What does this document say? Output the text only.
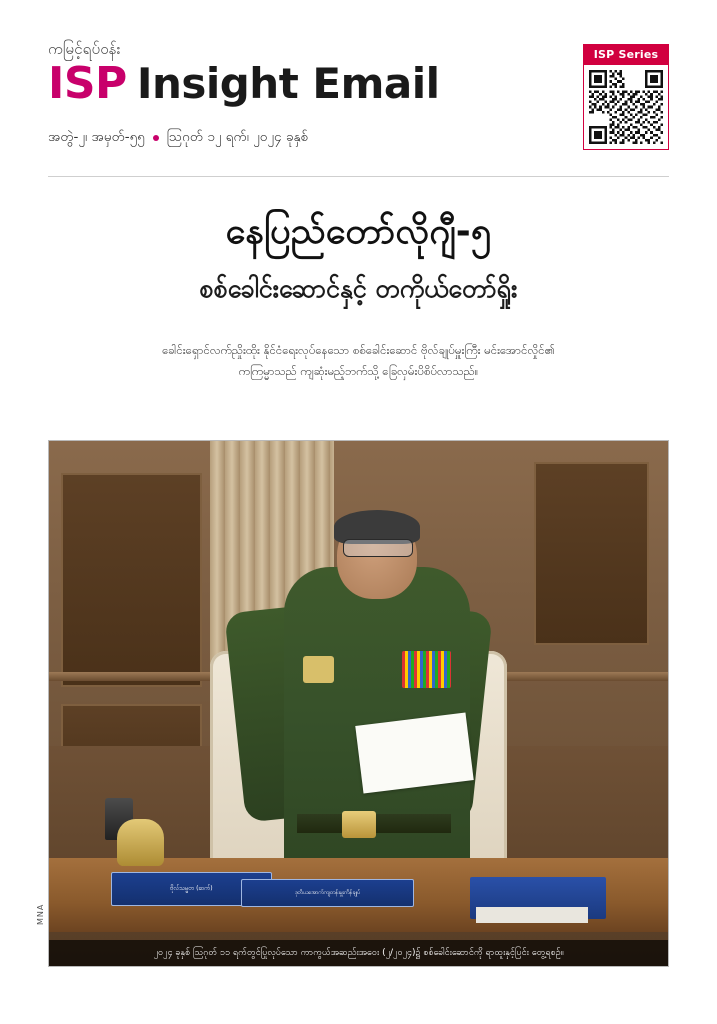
ကမြင့်ရပ်ဝန်း
ISP Insight Email
အတွဲ-၂၊ အမှတ်-၅၅ သြဂုတ် ၁၂ ရက်၊ ၂၀၂၄ ခုနှစ်
ISP Series
နေပြည်တော်လိုဂျီ-၅
စစ်ခေါင်းဆောင်နှင့် တကိုယ်တော်ရှိုး

ခေါင်းရှောင်လက်ညှိုးထိုး နိုင်ငံရေးလုပ်နေသော စစ်ခေါင်းဆောင် ဗိုလ်ချုပ်မှူးကြီး မင်းအောင်လှိုင်၏ ကကြမ္မာသည် ကျဆုံးမည့်ဘက်သို့ ခြေလှမ်းပိစိပ်လာသည်။

ဗိုလ်သမ္မတ (ဆက်)
ဒုတိယအောက်ကျတန်းမှူးကိန်ချုပ်
၂၀၂၄ ခုနှစ် ဩဂုတ် ၁၁ ရက်တွင်ပြုလုပ်သော ကာကွယ်အဆည်းအဝေး (၂/၂၀၂၄)၌ စစ်ခေါင်းဆောင်ကို ရာထူးနှင့်ပြင်း တွေ့ရစဉ်။
MNA
